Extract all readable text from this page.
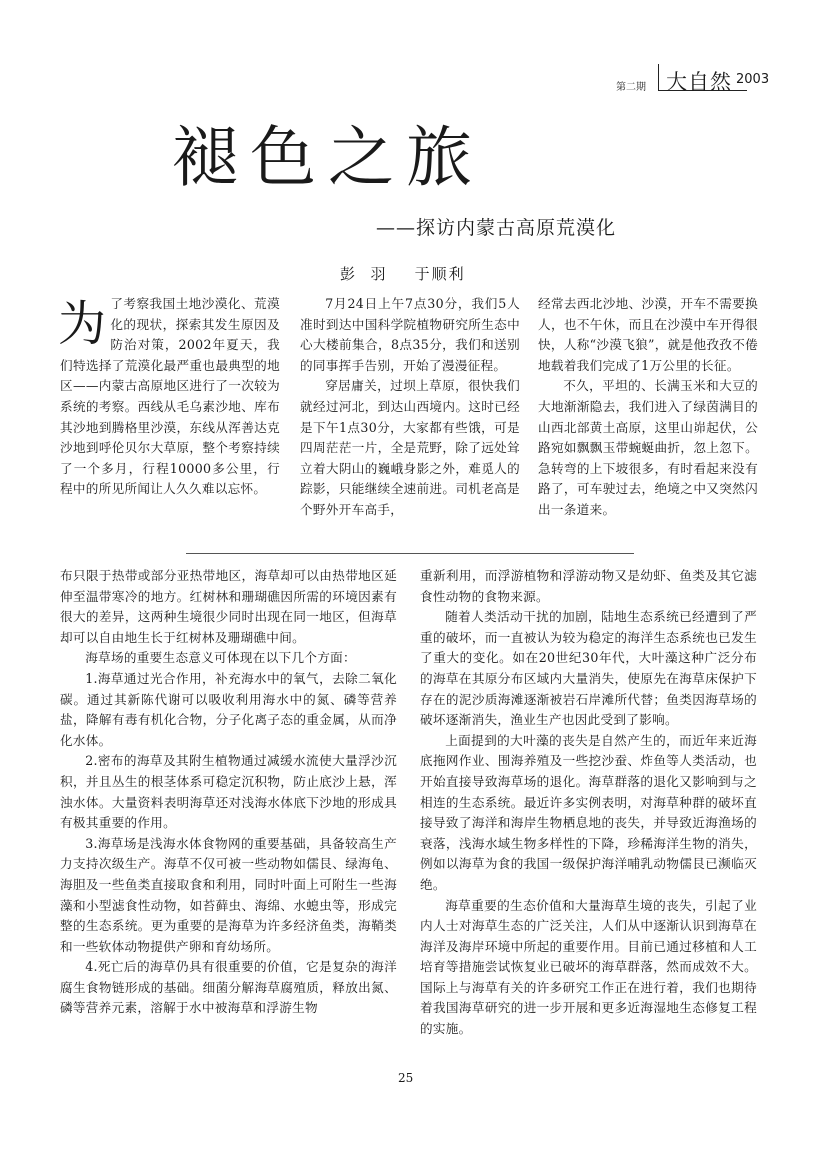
第二期 大自然 2003
褪色之旅
——探访内蒙古高原荒漠化
彭  羽    于顺利

为了考察我国土地沙漠化、荒漠化的现状，探索其发生原因及防治对策，2002年夏天，我们特选择了荒漠化最严重也最典型的地区——内蒙古高原地区进行了一次较为系统的考察。西线从毛乌素沙地、库布其沙地到腾格里沙漠，东线从浑善达克沙地到呼伦贝尔大草原，整个考察持续了一个多月，行程10000多公里，行程中的所见所闻让人久久难以忘怀。

7月24日上午7点30分，我们5人准时到达中国科学院植物研究所生态中心大楼前集合，8点35分，我们和送别的同事挥手告别，开始了漫漫征程。

穿居庸关，过坝上草原，很快我们就经过河北，到达山西境内。这时已经是下午1点30分，大家都有些饿，可是四周茫茫一片，全是荒野，除了远处耸立着大阴山的巍峨身影之外，难觅人的踪影，只能继续全速前进。司机老高是个野外开车高手，

经常去西北沙地、沙漠，开车不需要换人，也不午休，而且在沙漠中车开得很快，人称“沙漠飞狼”，就是他孜孜不倦地载着我们完成了1万公里的长征。

不久，平坦的、长满玉米和大豆的大地渐渐隐去，我们进入了绿茵满目的山西北部黄土高原，这里山峁起伏，公路宛如飘飘玉带蜿蜒曲折，忽上忽下。急转弯的上下坡很多，有时看起来没有路了，可车驶过去，绝境之中又突然闪出一条道来。

布只限于热带或部分亚热带地区，海草却可以由热带地区延伸至温带寒冷的地方。红树林和珊瑚礁因所需的环境因素有很大的差异，这两种生境很少同时出现在同一地区，但海草却可以自由地生长于红树林及珊瑚礁中间。

海草场的重要生态意义可体现在以下几个方面：

1.海草通过光合作用，补充海水中的氧气，去除二氧化碳。通过其新陈代谢可以吸收利用海水中的氮、磷等营养盐，降解有毒有机化合物，分子化离子态的重金属，从而净化水体。

2.密布的海草及其附生植物通过减缓水流使大量浮沙沉积，并且丛生的根茎体系可稳定沉积物，防止底沙上悬，浑浊水体。大量资料表明海草还对浅海水体底下沙地的形成具有极其重要的作用。

3.海草场是浅海水体食物网的重要基础，具备较高生产力支持次级生产。海草不仅可被一些动物如儒艮、绿海龟、海胆及一些鱼类直接取食和利用，同时叶面上可附生一些海藻和小型滤食性动物，如苔藓虫、海绵、水螅虫等，形成完整的生态系统。更为重要的是海草为许多经济鱼类，海鞘类和一些软体动物提供产卵和育幼场所。

4.死亡后的海草仍具有很重要的价值，它是复杂的海洋腐生食物链形成的基础。细菌分解海草腐殖质，释放出氮、磷等营养元素，溶解于水中被海草和浮游生物

重新利用，而浮游植物和浮游动物又是幼虾、鱼类及其它滤食性动物的食物来源。

随着人类活动干扰的加剧，陆地生态系统已经遭到了严重的破坏，而一直被认为较为稳定的海洋生态系统也已发生了重大的变化。如在20世纪30年代，大叶藻这种广泛分布的海草在其原分布区域内大量消失，使原先在海草床保护下存在的泥沙质海滩逐渐被岩石岸滩所代替；鱼类因海草场的破坏逐渐消失，渔业生产也因此受到了影响。

上面提到的大叶藻的丧失是自然产生的，而近年来近海底拖网作业、围海养殖及一些挖沙蚕、炸鱼等人类活动，也开始直接导致海草场的退化。海草群落的退化又影响到与之相连的生态系统。最近许多实例表明，对海草种群的破坏直接导致了海洋和海岸生物栖息地的丧失，并导致近海渔场的衰落，浅海水域生物多样性的下降，珍稀海洋生物的消失，例如以海草为食的我国一级保护海洋哺乳动物儒艮已濒临灭绝。

海草重要的生态价值和大量海草生境的丧失，引起了业内人士对海草生态的广泛关注，人们从中逐渐认识到海草在海洋及海岸环境中所起的重要作用。目前已通过移植和人工培育等措施尝试恢复业已破坏的海草群落，然而成效不大。国际上与海草有关的许多研究工作正在进行着，我们也期待着我国海草研究的进一步开展和更多近海湿地生态修复工程的实施。

25
